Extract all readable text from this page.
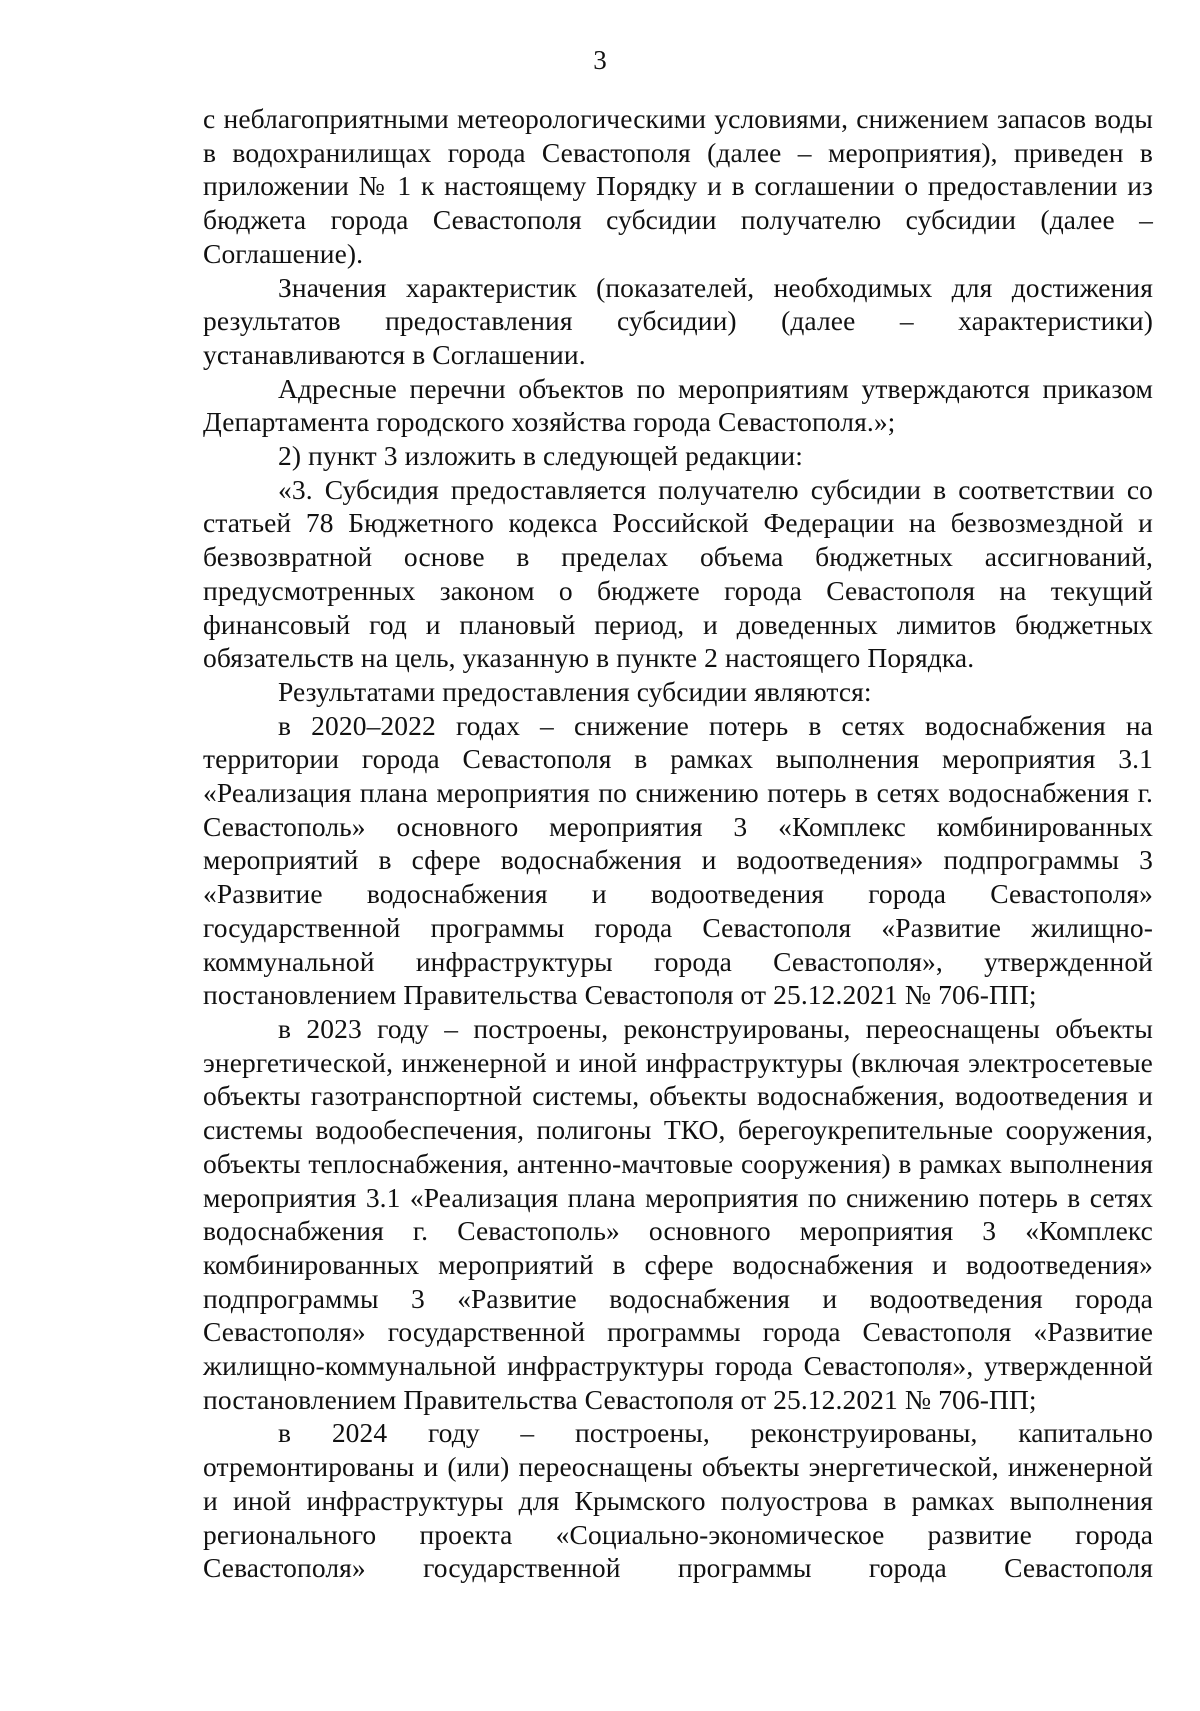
3

с неблагоприятными метеорологическими условиями, снижением запасов воды в водохранилищах города Севастополя (далее – мероприятия), приведен в приложении № 1 к настоящему Порядку и в соглашении о предоставлении из бюджета города Севастополя субсидии получателю субсидии (далее – Соглашение).

Значения характеристик (показателей, необходимых для достижения результатов предоставления субсидии) (далее – характеристики) устанавливаются в Соглашении.

Адресные перечни объектов по мероприятиям утверждаются приказом Департамента городского хозяйства города Севастополя.»;

2) пункт 3 изложить в следующей редакции:

«3. Субсидия предоставляется получателю субсидии в соответствии со статьей 78 Бюджетного кодекса Российской Федерации на безвозмездной и безвозвратной основе в пределах объема бюджетных ассигнований, предусмотренных законом о бюджете города Севастополя на текущий финансовый год и плановый период, и доведенных лимитов бюджетных обязательств на цель, указанную в пункте 2 настоящего Порядка.

Результатами предоставления субсидии являются:

в 2020–2022 годах – снижение потерь в сетях водоснабжения на территории города Севастополя в рамках выполнения мероприятия 3.1 «Реализация плана мероприятия по снижению потерь в сетях водоснабжения г. Севастополь» основного мероприятия 3 «Комплекс комбинированных мероприятий в сфере водоснабжения и водоотведения» подпрограммы 3 «Развитие водоснабжения и водоотведения города Севастополя» государственной программы города Севастополя «Развитие жилищно-коммунальной инфраструктуры города Севастополя», утвержденной постановлением Правительства Севастополя от 25.12.2021 № 706-ПП;

в 2023 году – построены, реконструированы, переоснащены объекты энергетической, инженерной и иной инфраструктуры (включая электросетевые объекты газотранспортной системы, объекты водоснабжения, водоотведения и системы водообеспечения, полигоны ТКО, берегоукрепительные сооружения, объекты теплоснабжения, антенно-мачтовые сооружения) в рамках выполнения мероприятия 3.1 «Реализация плана мероприятия по снижению потерь в сетях водоснабжения г. Севастополь» основного мероприятия 3 «Комплекс комбинированных мероприятий в сфере водоснабжения и водоотведения» подпрограммы 3 «Развитие водоснабжения и водоотведения города Севастополя» государственной программы города Севастополя «Развитие жилищно-коммунальной инфраструктуры города Севастополя», утвержденной постановлением Правительства Севастополя от 25.12.2021 № 706-ПП;

в 2024 году – построены, реконструированы, капитально отремонтированы и (или) переоснащены объекты энергетической, инженерной и иной инфраструктуры для Крымского полуострова в рамках выполнения регионального проекта «Социально-экономическое развитие города Севастополя» государственной программы города Севастополя
